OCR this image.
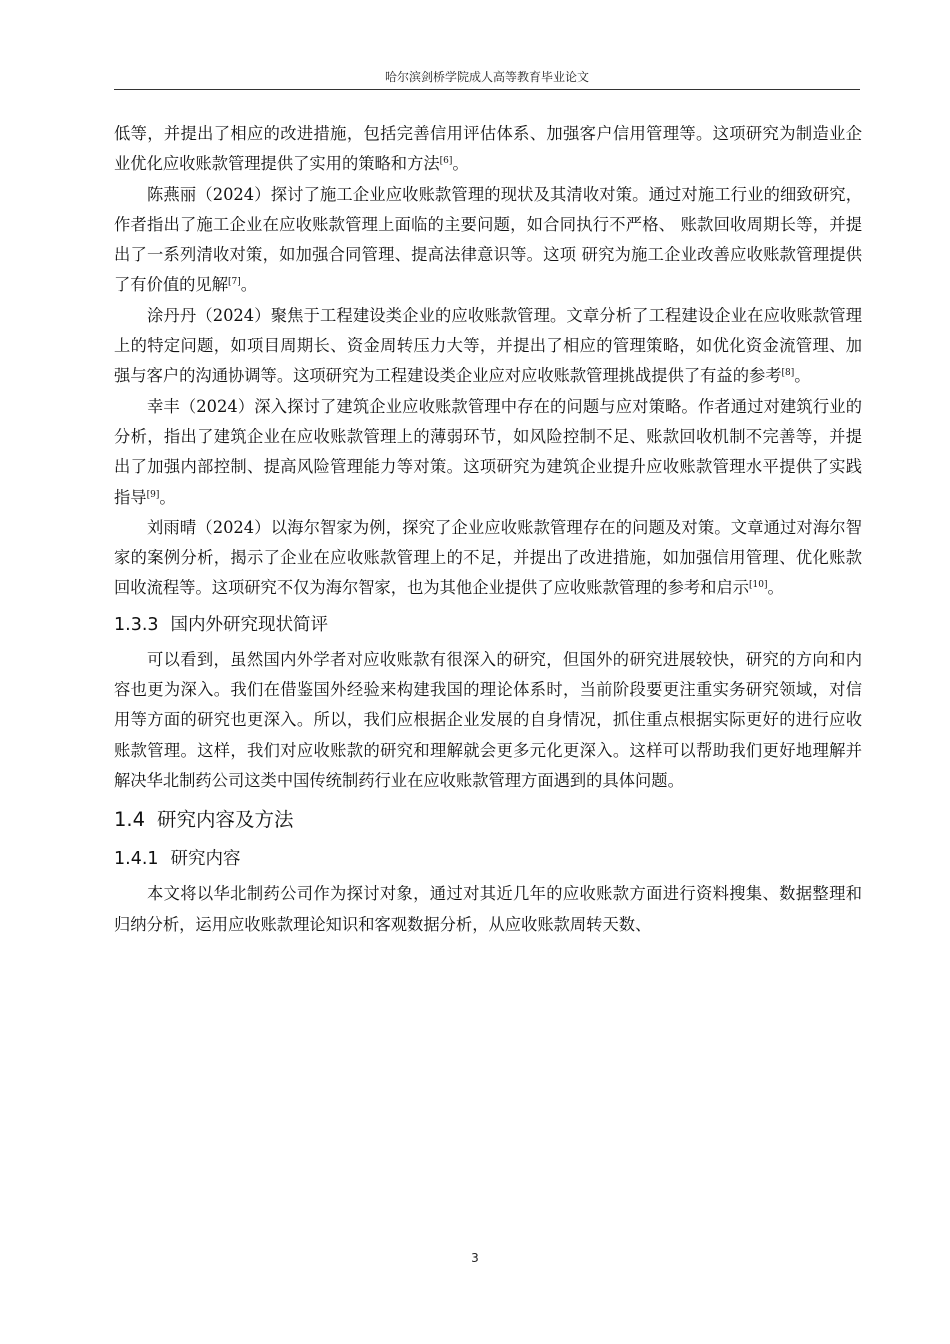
哈尔滨剑桥学院成人高等教育毕业论文

低等，并提出了相应的改进措施，包括完善信用评估体系、加强客户信用管理等。这项研究为制造业企业优化应收账款管理提供了实用的策略和方法[6]。

陈燕丽（2024）探讨了施工企业应收账款管理的现状及其清收对策。通过对施工行业的细致研究，作者指出了施工企业在应收账款管理上面临的主要问题，如合同执行不严格、 账款回收周期长等，并提出了一系列清收对策，如加强合同管理、提高法律意识等。这项 研究为施工企业改善应收账款管理提供了有价值的见解[7]。

涂丹丹（2024）聚焦于工程建设类企业的应收账款管理。文章分析了工程建设企业在应收账款管理上的特定问题，如项目周期长、资金周转压力大等，并提出了相应的管理策略，如优化资金流管理、加强与客户的沟通协调等。这项研究为工程建设类企业应对应收账款管理挑战提供了有益的参考[8]。

幸丰（2024）深入探讨了建筑企业应收账款管理中存在的问题与应对策略。作者通过对建筑行业的分析，指出了建筑企业在应收账款管理上的薄弱环节，如风险控制不足、账款回收机制不完善等，并提出了加强内部控制、提高风险管理能力等对策。这项研究为建筑企业提升应收账款管理水平提供了实践指导[9]。

刘雨晴（2024）以海尔智家为例，探究了企业应收账款管理存在的问题及对策。文章通过对海尔智家的案例分析，揭示了企业在应收账款管理上的不足，并提出了改进措施，如加强信用管理、优化账款回收流程等。这项研究不仅为海尔智家，也为其他企业提供了应收账款管理的参考和启示[10]。

1.3.3 国内外研究现状简评

可以看到，虽然国内外学者对应收账款有很深入的研究，但国外的研究进展较快，研究的方向和内容也更为深入。我们在借鉴国外经验来构建我国的理论体系时，当前阶段要更注重实务研究领域，对信用等方面的研究也更深入。所以，我们应根据企业发展的自身情况，抓住重点根据实际更好的进行应收账款管理。这样，我们对应收账款的研究和理解就会更多元化更深入。这样可以帮助我们更好地理解并解决华北制药公司这类中国传统制药行业在应收账款管理方面遇到的具体问题。

1.4 研究内容及方法
1.4.1 研究内容

本文将以华北制药公司作为探讨对象，通过对其近几年的应收账款方面进行资料搜集、数据整理和归纳分析，运用应收账款理论知识和客观数据分析，从应收账款周转天数、

3
